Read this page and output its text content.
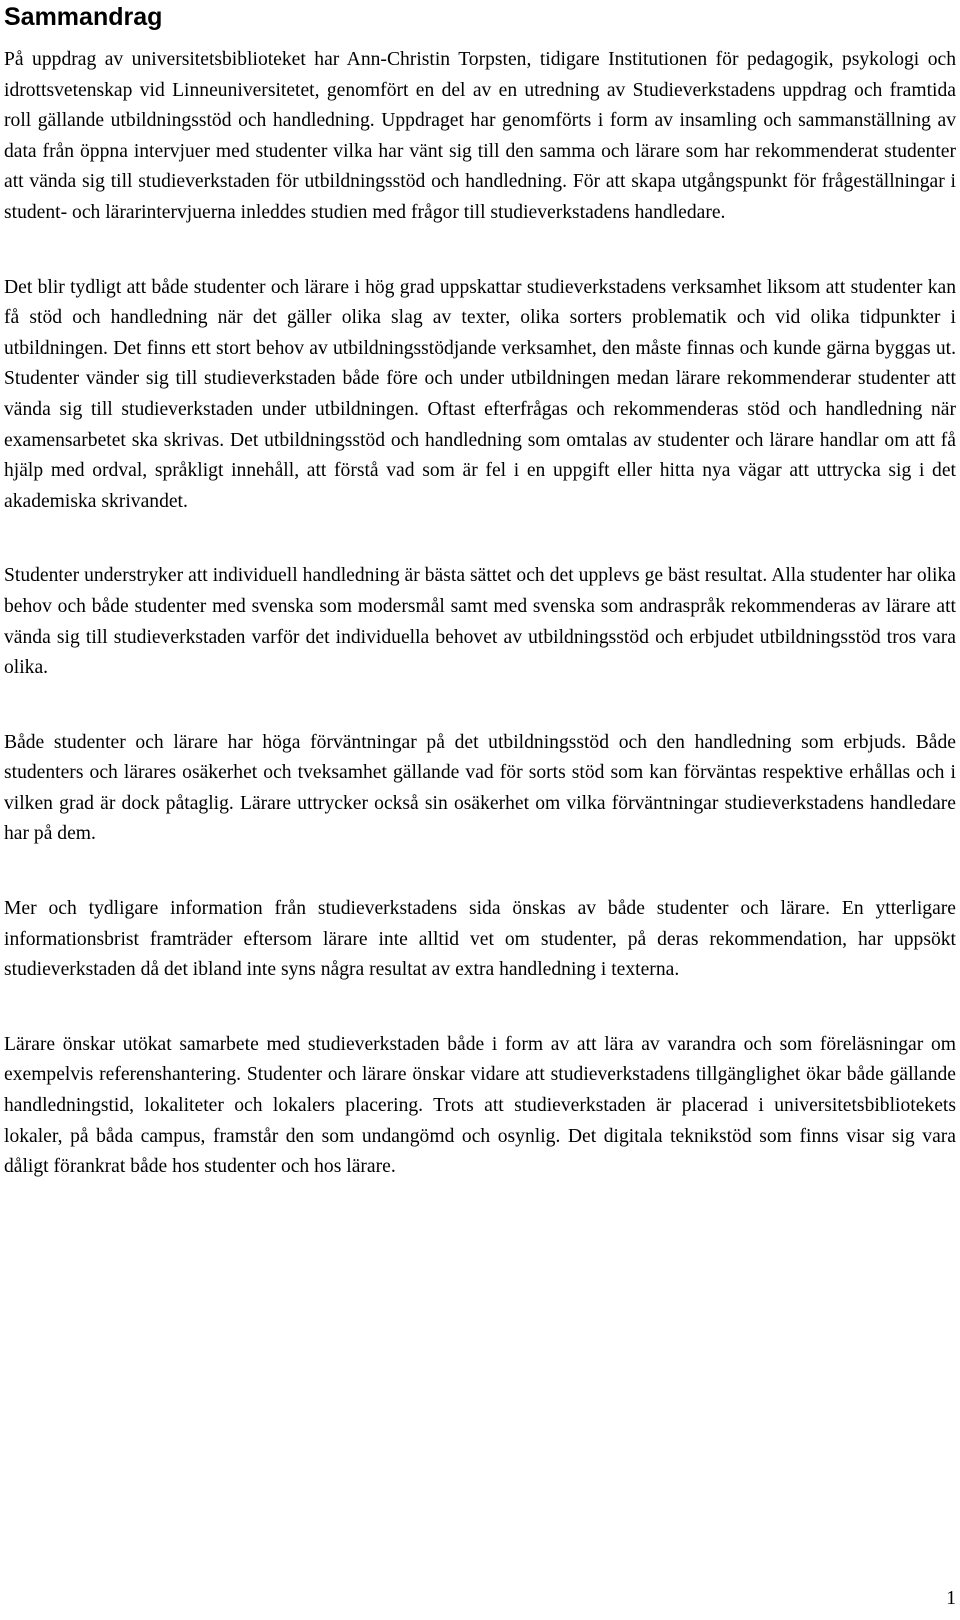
Sammandrag

På uppdrag av universitetsbiblioteket har Ann-Christin Torpsten, tidigare Institutionen för pedagogik, psykologi och idrottsvetenskap vid Linneuniversitetet, genomfört en del av en utredning av Studieverkstadens uppdrag och framtida roll gällande utbildningsstöd och handledning. Uppdraget har genomförts i form av insamling och sammanställning av data från öppna intervjuer med studenter vilka har vänt sig till den samma och lärare som har rekommenderat studenter att vända sig till studieverkstaden för utbildningsstöd och handledning. För att skapa utgångspunkt för frågeställningar i student- och lärarintervjuerna inleddes studien med frågor till studieverkstadens handledare.

Det blir tydligt att både studenter och lärare i hög grad uppskattar studieverkstadens verksamhet liksom att studenter kan få stöd och handledning när det gäller olika slag av texter, olika sorters problematik och vid olika tidpunkter i utbildningen. Det finns ett stort behov av utbildningsstödjande verksamhet, den måste finnas och kunde gärna byggas ut. Studenter vänder sig till studieverkstaden både före och under utbildningen medan lärare rekommenderar studenter att vända sig till studieverkstaden under utbildningen. Oftast efterfrågas och rekommenderas stöd och handledning när examensarbetet ska skrivas. Det utbildningsstöd och handledning som omtalas av studenter och lärare handlar om att få hjälp med ordval, språkligt innehåll, att förstå vad som är fel i en uppgift eller hitta nya vägar att uttrycka sig i det akademiska skrivandet.

Studenter understryker att individuell handledning är bästa sättet och det upplevs ge bäst resultat. Alla studenter har olika behov och både studenter med svenska som modersmål samt med svenska som andraspråk rekommenderas av lärare att vända sig till studieverkstaden varför det individuella behovet av utbildningsstöd och erbjudet utbildningsstöd tros vara olika.

Både studenter och lärare har höga förväntningar på det utbildningsstöd och den handledning som erbjuds. Både studenters och lärares osäkerhet och tveksamhet gällande vad för sorts stöd som kan förväntas respektive erhållas och i vilken grad är dock påtaglig. Lärare uttrycker också sin osäkerhet om vilka förväntningar studieverkstadens handledare har på dem.

Mer och tydligare information från studieverkstadens sida önskas av både studenter och lärare. En ytterligare informationsbrist framträder eftersom lärare inte alltid vet om studenter, på deras rekommendation, har uppsökt studieverkstaden då det ibland inte syns några resultat av extra handledning i texterna.

Lärare önskar utökat samarbete med studieverkstaden både i form av att lära av varandra och som föreläsningar om exempelvis referenshantering. Studenter och lärare önskar vidare att studieverkstadens tillgänglighet ökar både gällande handledningstid, lokaliteter och lokalers placering. Trots att studieverkstaden är placerad i universitetsbibliotekets lokaler, på båda campus, framstår den som undangömd och osynlig. Det digitala teknikstöd som finns visar sig vara dåligt förankrat både hos studenter och hos lärare.

1
